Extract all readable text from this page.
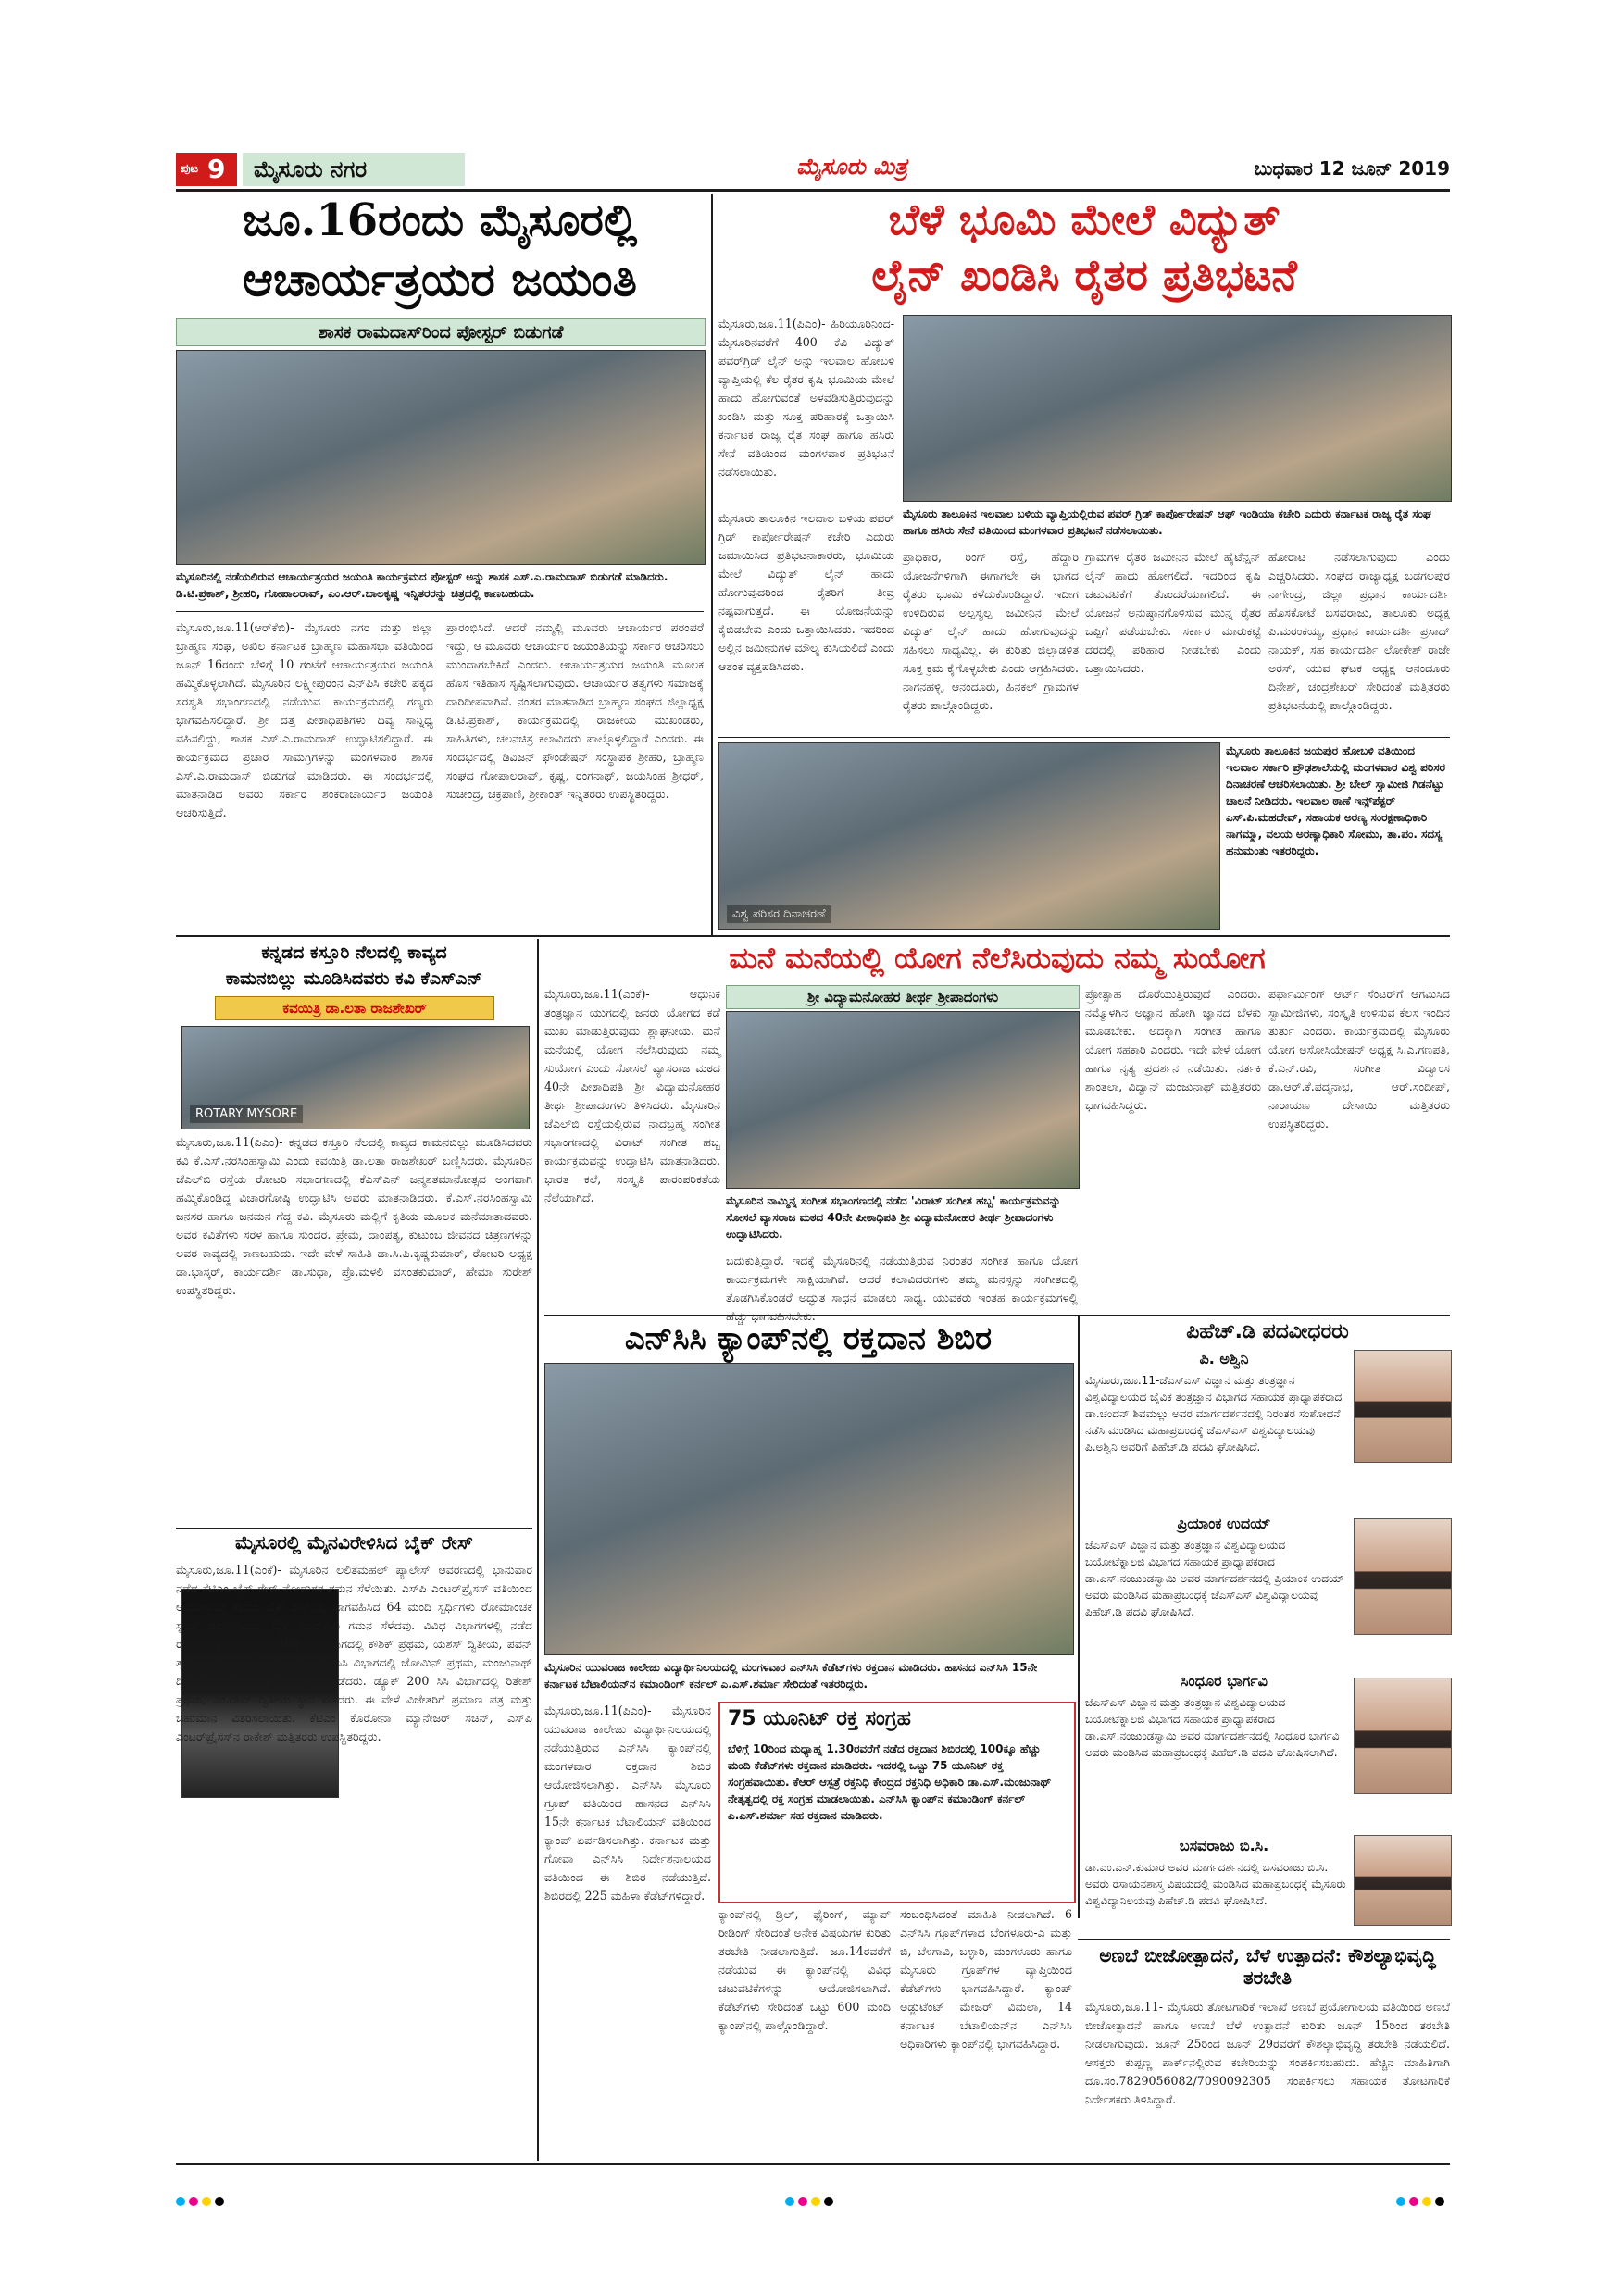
ಪುಟ 9 ಮೈಸೂರು ನಗರ	ಮೈಸೂರು ಮಿತ್ರ	ಬುಧವಾರ 12 ಜೂನ್ 2019
ಜೂ.16ರಂದು ಮೈಸೂರಲ್ಲಿ
ಆಚಾರ್ಯತ್ರಯರ ಜಯಂತಿ
ಶಾಸಕ ರಾಮದಾಸ್‌ರಿಂದ ಪೋಸ್ಟರ್ ಬಿಡುಗಡೆ
ಮೈಸೂರಿನಲ್ಲಿ ನಡೆಯಲಿರುವ ಆಚಾರ್ಯತ್ರಯರ ಜಯಂತಿ ಕಾರ್ಯಕ್ರಮದ ಪೋಸ್ಟರ್ ಅನ್ನು ಶಾಸಕ ಎಸ್.ಎ.ರಾಮದಾಸ್ ಬಿಡುಗಡೆ ಮಾಡಿದರು. ಡಿ.ಟಿ.ಪ್ರಕಾಶ್, ಶ್ರೀಹರಿ, ಗೋಪಾಲರಾವ್, ಎಂ.ಆರ್.ಬಾಲಕೃಷ್ಣ ಇನ್ನಿತರರನ್ನು ಚಿತ್ರದಲ್ಲಿ ಕಾಣಬಹುದು.
ಮೈಸೂರು,ಜೂ.11(ಆರ್‌ಕೆಬಿ)- ಮೈಸೂರು ನಗರ ಮತ್ತು ಜಿಲ್ಲಾ ಬ್ರಾಹ್ಮಣ ಸಂಘ, ಅಖಿಲ ಕರ್ನಾಟಕ ಬ್ರಾಹ್ಮಣ ಮಹಾಸಭಾ ವತಿಯಿಂದ ಜೂನ್ 16ರಂದು ಬೆಳಿಗ್ಗೆ 10 ಗಂಟೆಗೆ ಆಚಾರ್ಯತ್ರಯರ ಜಯಂತಿ ಹಮ್ಮಿಕೊಳ್ಳಲಾಗಿದೆ. ಮೈಸೂರಿನ ಲಕ್ಷ್ಮೀಪುರಂನ ಎನ್‌ಪಿಸಿ ಕಚೇರಿ ಪಕ್ಕದ ಸರಸ್ವತಿ ಸಭಾಂಗಣದಲ್ಲಿ ನಡೆಯುವ ಕಾರ್ಯಕ್ರಮದಲ್ಲಿ ಗಣ್ಯರು ಭಾಗವಹಿಸಲಿದ್ದಾರೆ. ಶ್ರೀ ದತ್ತ ಪೀಠಾಧಿಪತಿಗಳು ದಿವ್ಯ ಸಾನ್ನಿಧ್ಯ ವಹಿಸಲಿದ್ದು, ಶಾಸಕ ಎಸ್.ಎ.ರಾಮದಾಸ್ ಉದ್ಘಾಟಿಸಲಿದ್ದಾರೆ. ಈ ಕಾರ್ಯಕ್ರಮದ ಪ್ರಚಾರ ಸಾಮಗ್ರಿಗಳನ್ನು ಮಂಗಳವಾರ ಶಾಸಕ ಎಸ್.ಎ.ರಾಮದಾಸ್ ಬಿಡುಗಡೆ ಮಾಡಿದರು. ಈ ಸಂದರ್ಭದಲ್ಲಿ ಮಾತನಾಡಿದ ಅವರು ಸರ್ಕಾರ ಶಂಕರಾಚಾರ್ಯರ ಜಯಂತಿ ಆಚರಿಸುತ್ತಿದೆ.
ಪ್ರಾರಂಭಿಸಿದೆ. ಆದರೆ ನಮ್ಮಲ್ಲಿ ಮೂವರು ಆಚಾರ್ಯರ ಪರಂಪರೆ ಇದ್ದು, ಆ ಮೂವರು ಆಚಾರ್ಯರ ಜಯಂತಿಯನ್ನು ಸರ್ಕಾರ ಆಚರಿಸಲು ಮುಂದಾಗಬೇಕಿದೆ ಎಂದರು. ಆಚಾರ್ಯತ್ರಯರ ಜಯಂತಿ ಮೂಲಕ ಹೊಸ ಇತಿಹಾಸ ಸೃಷ್ಟಿಸಲಾಗುವುದು. ಆಚಾರ್ಯರ ತತ್ವಗಳು ಸಮಾಜಕ್ಕೆ ದಾರಿದೀಪವಾಗಿವೆ. ನಂತರ ಮಾತನಾಡಿದ ಬ್ರಾಹ್ಮಣ ಸಂಘದ ಜಿಲ್ಲಾಧ್ಯಕ್ಷ ಡಿ.ಟಿ.ಪ್ರಕಾಶ್, ಕಾರ್ಯಕ್ರಮದಲ್ಲಿ ರಾಜಕೀಯ ಮುಖಂಡರು, ಸಾಹಿತಿಗಳು, ಚಲನಚಿತ್ರ ಕಲಾವಿದರು ಪಾಲ್ಗೊಳ್ಳಲಿದ್ದಾರೆ ಎಂದರು. ಈ ಸಂದರ್ಭದಲ್ಲಿ ಡಿವಿಜನ್ ಫೌಂಡೇಷನ್ ಸಂಸ್ಥಾಪಕ ಶ್ರೀಹರಿ, ಬ್ರಾಹ್ಮಣ ಸಂಘದ ಗೋಪಾಲರಾವ್, ಕೃಷ್ಣ, ರಂಗನಾಥ್, ಜಯಸಿಂಹ ಶ್ರೀಧರ್, ಸುಚೀಂದ್ರ, ಚಕ್ರಪಾಣಿ, ಶ್ರೀಕಾಂತ್ ಇನ್ನಿತರರು ಉಪಸ್ಥಿತರಿದ್ದರು.
ಬೆಳೆ ಭೂಮಿ ಮೇಲೆ ವಿದ್ಯುತ್
ಲೈನ್ ಖಂಡಿಸಿ ರೈತರ ಪ್ರತಿಭಟನೆ
ಮೈಸೂರು,ಜೂ.11(ಪಿಎಂ)- ಹಿರಿಯೂರಿನಿಂದ-ಮೈಸೂರಿನವರೆಗೆ 400 ಕೆವಿ ವಿದ್ಯುತ್ ಪವರ್‌ಗ್ರಿಡ್ ಲೈನ್ ಅನ್ನು ಇಲವಾಲ ಹೋಬಳಿ ವ್ಯಾಪ್ತಿಯಲ್ಲಿ ಕೆಲ ರೈತರ ಕೃಷಿ ಭೂಮಿಯ ಮೇಲೆ ಹಾದು ಹೋಗುವಂತೆ ಅಳವಡಿಸುತ್ತಿರುವುದನ್ನು ಖಂಡಿಸಿ ಮತ್ತು ಸೂಕ್ತ ಪರಿಹಾರಕ್ಕೆ ಒತ್ತಾಯಿಸಿ ಕರ್ನಾಟಕ ರಾಜ್ಯ ರೈತ ಸಂಘ ಹಾಗೂ ಹಸಿರು ಸೇನೆ ವತಿಯಿಂದ ಮಂಗಳವಾರ ಪ್ರತಿಭಟನೆ ನಡೆಸಲಾಯಿತು.
ಮೈಸೂರು ತಾಲೂಕಿನ ಇಲವಾಲ ಬಳಿಯ ವ್ಯಾಪ್ತಿಯಲ್ಲಿರುವ ಪವರ್ ಗ್ರಿಡ್ ಕಾರ್ಪೋರೇಷನ್ ಆಫ್ ಇಂಡಿಯಾ ಕಚೇರಿ ಎದುರು ಕರ್ನಾಟಕ ರಾಜ್ಯ ರೈತ ಸಂಘ ಹಾಗೂ ಹಸಿರು ಸೇನೆ ವತಿಯಿಂದ ಮಂಗಳವಾರ ಪ್ರತಿಭಟನೆ ನಡೆಸಲಾಯಿತು.
ಮೈಸೂರು ತಾಲೂಕಿನ ಇಲವಾಲ ಬಳಿಯ ಪವರ್ ಗ್ರಿಡ್ ಕಾರ್ಪೋರೇಷನ್ ಕಚೇರಿ ಎದುರು ಜಮಾಯಿಸಿದ ಪ್ರತಿಭಟನಾಕಾರರು, ಭೂಮಿಯ ಮೇಲೆ ವಿದ್ಯುತ್ ಲೈನ್ ಹಾದು ಹೋಗುವುದರಿಂದ ರೈತರಿಗೆ ತೀವ್ರ ನಷ್ಟವಾಗುತ್ತದೆ. ಈ ಯೋಜನೆಯನ್ನು ಕೈಬಿಡಬೇಕು ಎಂದು ಒತ್ತಾಯಿಸಿದರು. ಇದರಿಂದ ಅಲ್ಲಿನ ಜಮೀನುಗಳ ಮೌಲ್ಯ ಕುಸಿಯಲಿದೆ ಎಂದು ಆತಂಕ ವ್ಯಕ್ತಪಡಿಸಿದರು.
ಪ್ರಾಧಿಕಾರ, ರಿಂಗ್ ರಸ್ತೆ, ಹೆದ್ದಾರಿ ಯೋಜನೆಗಳಿಗಾಗಿ ಈಗಾಗಲೇ ಈ ಭಾಗದ ರೈತರು ಭೂಮಿ ಕಳೆದುಕೊಂಡಿದ್ದಾರೆ. ಇದೀಗ ಉಳಿದಿರುವ ಅಲ್ಪಸ್ವಲ್ಪ ಜಮೀನಿನ ಮೇಲೆ ವಿದ್ಯುತ್ ಲೈನ್ ಹಾದು ಹೋಗುವುದನ್ನು ಸಹಿಸಲು ಸಾಧ್ಯವಿಲ್ಲ. ಈ ಕುರಿತು ಜಿಲ್ಲಾಡಳಿತ ಸೂಕ್ತ ಕ್ರಮ ಕೈಗೊಳ್ಳಬೇಕು ಎಂದು ಆಗ್ರಹಿಸಿದರು. ನಾಗನಹಳ್ಳಿ, ಆನಂದೂರು, ಹಿನಕಲ್ ಗ್ರಾಮಗಳ ರೈತರು ಪಾಲ್ಗೊಂಡಿದ್ದರು.
ಗ್ರಾಮಗಳ ರೈತರ ಜಮೀನಿನ ಮೇಲೆ ಹೈಟೆನ್ಷನ್ ಲೈನ್ ಹಾದು ಹೋಗಲಿದೆ. ಇದರಿಂದ ಕೃಷಿ ಚಟುವಟಿಕೆಗೆ ತೊಂದರೆಯಾಗಲಿದೆ. ಈ ಯೋಜನೆ ಅನುಷ್ಠಾನಗೊಳಿಸುವ ಮುನ್ನ ರೈತರ ಒಪ್ಪಿಗೆ ಪಡೆಯಬೇಕು. ಸರ್ಕಾರ ಮಾರುಕಟ್ಟೆ ದರದಲ್ಲಿ ಪರಿಹಾರ ನೀಡಬೇಕು ಎಂದು ಒತ್ತಾಯಿಸಿದರು.
ಹೋರಾಟ ನಡೆಸಲಾಗುವುದು ಎಂದು ಎಚ್ಚರಿಸಿದರು. ಸಂಘದ ರಾಜ್ಯಾಧ್ಯಕ್ಷ ಬಡಗಲಪುರ ನಾಗೇಂದ್ರ, ಜಿಲ್ಲಾ ಪ್ರಧಾನ ಕಾರ್ಯದರ್ಶಿ ಹೊಸಕೋಟೆ ಬಸವರಾಜು, ತಾಲೂಕು ಅಧ್ಯಕ್ಷ ಪಿ.ಮರಂಕಯ್ಯ, ಪ್ರಧಾನ ಕಾರ್ಯದರ್ಶಿ ಪ್ರಸಾದ್ ನಾಯಕ್, ಸಹ ಕಾರ್ಯದರ್ಶಿ ಲೋಕೇಶ್ ರಾಜೇ ಅರಸ್, ಯುವ ಘಟಕ ಅಧ್ಯಕ್ಷ ಆನಂದೂರು ದಿನೇಶ್, ಚಂದ್ರಶೇಖರ್ ಸೇರಿದಂತೆ ಮತ್ತಿತರರು ಪ್ರತಿಭಟನೆಯಲ್ಲಿ ಪಾಲ್ಗೊಂಡಿದ್ದರು.
ವಿಶ್ವ ಪರಿಸರ ದಿನಾಚರಣೆ
ಮೈಸೂರು ತಾಲೂಕಿನ ಜಯಪುರ ಹೋಬಳಿ ವತಿಯಿಂದ ಇಲವಾಲ ಸರ್ಕಾರಿ ಪ್ರೌಢಶಾಲೆಯಲ್ಲಿ ಮಂಗಳವಾರ ವಿಶ್ವ ಪರಿಸರ ದಿನಾಚರಣೆ ಆಚರಿಸಲಾಯಿತು. ಶ್ರೀ ಬೇಲ್ ಸ್ವಾಮೀಜಿ ಗಿಡನೆಟ್ಟು ಚಾಲನೆ ನೀಡಿದರು. ಇಲವಾಲ ಠಾಣೆ ಇನ್ಸ್‌ಪೆಕ್ಟರ್ ಎಸ್.ಪಿ.ಮಹದೇವ್, ಸಹಾಯಕ ಅರಣ್ಯ ಸಂರಕ್ಷಣಾಧಿಕಾರಿ ನಾಗಮ್ಮಾ, ವಲಯ ಅರಣ್ಯಾಧಿಕಾರಿ ಸೋಮು, ತಾ.ಪಂ. ಸದಸ್ಯ ಹನುಮಂತು ಇತರರಿದ್ದರು.
ಕನ್ನಡದ ಕಸ್ತೂರಿ ನೆಲದಲ್ಲಿ ಕಾವ್ಯದ
ಕಾಮನಬಿಲ್ಲು ಮೂಡಿಸಿದವರು ಕವಿ ಕೆಎಸ್‌ಎನ್
ಕವಯಿತ್ರಿ ಡಾ.ಲತಾ ರಾಜಶೇಖರ್
ROTARY MYSORE
ಮೈಸೂರು,ಜೂ.11(ಪಿಎಂ)- ಕನ್ನಡದ ಕಸ್ತೂರಿ ನೆಲದಲ್ಲಿ ಕಾವ್ಯದ ಕಾಮನಬಿಲ್ಲು ಮೂಡಿಸಿದವರು ಕವಿ ಕೆ.ಎಸ್.ನರಸಿಂಹಸ್ವಾಮಿ ಎಂದು ಕವಯಿತ್ರಿ ಡಾ.ಲತಾ ರಾಜಶೇಖರ್ ಬಣ್ಣಿಸಿದರು. ಮೈಸೂರಿನ ಜೆಎಲ್‌ಬಿ ರಸ್ತೆಯ ರೋಟರಿ ಸಭಾಂಗಣದಲ್ಲಿ ಕೆಎಸ್‌ಎನ್ ಜನ್ಮಶತಮಾನೋತ್ಸವ ಅಂಗವಾಗಿ ಹಮ್ಮಿಕೊಂಡಿದ್ದ ವಿಚಾರಗೋಷ್ಠಿ ಉದ್ಘಾಟಿಸಿ ಅವರು ಮಾತನಾಡಿದರು. ಕೆ.ಎಸ್.ನರಸಿಂಹಸ್ವಾಮಿ ಜನಸರ ಹಾಗೂ ಜನಮನ ಗೆದ್ದ ಕವಿ. ಮೈಸೂರು ಮಲ್ಲಿಗೆ ಕೃತಿಯ ಮೂಲಕ ಮನೆಮಾತಾದವರು. ಅವರ ಕವಿತೆಗಳು ಸರಳ ಹಾಗೂ ಸುಂದರ. ಪ್ರೇಮ, ದಾಂಪತ್ಯ, ಕುಟುಂಬ ಜೀವನದ ಚಿತ್ರಣಗಳನ್ನು ಅವರ ಕಾವ್ಯದಲ್ಲಿ ಕಾಣಬಹುದು. ಇದೇ ವೇಳೆ ಸಾಹಿತಿ ಡಾ.ಸಿ.ಪಿ.ಕೃಷ್ಣಕುಮಾರ್, ರೋಟರಿ ಅಧ್ಯಕ್ಷ ಡಾ.ಭಾಸ್ಕರ್, ಕಾರ್ಯದರ್ಶಿ ಡಾ.ಸುಧಾ, ಪ್ರೊ.ಮಳಲಿ ವಸಂತಕುಮಾರ್, ಹೇಮಾ ಸುರೇಶ್ ಉಪಸ್ಥಿತರಿದ್ದರು.
ಮೈಸೂರಲ್ಲಿ ಮೈನವಿರೇಳಿಸಿದ ಬೈಕ್ ರೇಸ್
ಮೈಸೂರು,ಜೂ.11(ಎಂಕೆ)- ಮೈಸೂರಿನ ಲಲಿತಮಹಲ್ ಪ್ಯಾಲೇಸ್ ಆವರಣದಲ್ಲಿ ಭಾನುವಾರ ನಡೆದ ಕೆಟಿಎಂ ಬೈಕ್ ರೇಸ್ ನೋಡುಗರ ಗಮನ ಸೆಳೆಯಿತು. ಎಸ್‌ಪಿ ಎಂಟರ್‌ಪ್ರೈಸಸ್ ವತಿಯಿಂದ ಆಯೋಜಿಸಿದ್ದ ಕೆಟಿಎಂ ಬೈಕ್ ರೇಸ್‌ನಲ್ಲಿ ಭಾಗವಹಿಸಿದ 64 ಮಂದಿ ಸ್ಪರ್ಧಿಗಳು ರೋಮಾಂಚಕ ಸ್ಟಂಟ್ ಪ್ರದರ್ಶಿಸಿದರು. ಬೈಕ್ ಸ್ಟಂಟ್‌ಗಳು ಗಮನ ಸೆಳೆದವು. ವಿವಿಧ ವಿಭಾಗಗಳಲ್ಲಿ ನಡೆದ ರೇಸ್‌ನಲ್ಲಿ ಕೆಟಿಎಂ ಡ್ಯೂಕ್ 390 ಸಿಸಿ ವಿಭಾಗದಲ್ಲಿ ಕೌಶಿಕ್ ಪ್ರಥಮ, ಯಶಸ್ ದ್ವಿತೀಯ, ಪವನ್ ತೃತೀಯ ಸ್ಥಾನ ಪಡೆದರು. ಡ್ಯೂಕ್ 250 ಸಿಸಿ ವಿಭಾಗದಲ್ಲಿ ಜೋಮಿನ್ ಪ್ರಥಮ, ಮಂಜುನಾಥ್ ದ್ವಿತೀಯ, ಎ.ವಿಶಾಲ್ ತೃತೀಯ ಸ್ಥಾನ ಪಡೆದರು. ಡ್ಯೂಕ್ 200 ಸಿಸಿ ವಿಭಾಗದಲ್ಲಿ ರಿತೇಶ್ ಪ್ರಥಮ, ಎಂ.ದೇವ್ ದ್ವಿತೀಯ ಸ್ಥಾನ ಪಡೆದರು. ಈ ವೇಳೆ ವಿಜೇತರಿಗೆ ಪ್ರಮಾಣ ಪತ್ರ ಮತ್ತು ಬಹುಮಾನ ವಿತರಿಸಲಾಯಿತು. ಕೆಟಿಎಂ ಕೊರೋನಾ ಮ್ಯಾನೇಜರ್ ಸಚಿನ್, ಎಸ್‌ಪಿ ಎಂಟರ್‌ಪ್ರೈಸಸ್‌ನ ರಾಕೇಶ್ ಮತ್ತಿತರರು ಉಪಸ್ಥಿತರಿದ್ದರು.
ಮನೆ ಮನೆಯಲ್ಲಿ ಯೋಗ ನೆಲೆಸಿರುವುದು ನಮ್ಮ ಸುಯೋಗ
ಶ್ರೀ ವಿದ್ಯಾಮನೋಹರ ತೀರ್ಥ ಶ್ರೀಪಾದಂಗಳು
ಮೈಸೂರಿನ ನಾಮ್ಮಿನ್ನ ಸಂಗೀತ ಸಭಾಂಗಣದಲ್ಲಿ ನಡೆದ 'ವಿರಾಟ್ ಸಂಗೀತ ಹಬ್ಬ' ಕಾರ್ಯಕ್ರಮವನ್ನು ಸೋಸಲೆ ವ್ಯಾಸರಾಜ ಮಠದ 40ನೇ ಪೀಠಾಧಿಪತಿ ಶ್ರೀ ವಿದ್ಯಾಮನೋಹರ ತೀರ್ಥ ಶ್ರೀಪಾದಂಗಳು ಉದ್ಘಾಟಿಸಿದರು.
ಮೈಸೂರು,ಜೂ.11(ಎಂಕೆ)- ಆಧುನಿಕ ತಂತ್ರಜ್ಞಾನ ಯುಗದಲ್ಲಿ ಜನರು ಯೋಗದ ಕಡೆ ಮುಖ ಮಾಡುತ್ತಿರುವುದು ಶ್ಲಾಘನೀಯ. ಮನೆ ಮನೆಯಲ್ಲಿ ಯೋಗ ನೆಲೆಸಿರುವುದು ನಮ್ಮ ಸುಯೋಗ ಎಂದು ಸೋಸಲೆ ವ್ಯಾಸರಾಜ ಮಠದ 40ನೇ ಪೀಠಾಧಿಪತಿ ಶ್ರೀ ವಿದ್ಯಾಮನೋಹರ ತೀರ್ಥ ಶ್ರೀಪಾದಂಗಳು ತಿಳಿಸಿದರು. ಮೈಸೂರಿನ ಜೆಎಲ್‌ಬಿ ರಸ್ತೆಯಲ್ಲಿರುವ ನಾದಬ್ರಹ್ಮ ಸಂಗೀತ ಸಭಾಂಗಣದಲ್ಲಿ ವಿರಾಟ್ ಸಂಗೀತ ಹಬ್ಬ ಕಾರ್ಯಕ್ರಮವನ್ನು ಉದ್ಘಾಟಿಸಿ ಮಾತನಾಡಿದರು. ಭಾರತ ಕಲೆ, ಸಂಸ್ಕೃತಿ ಪಾರಂಪರಿಕತೆಯ ನೆಲೆಯಾಗಿದೆ.
ಬದುಕುತ್ತಿದ್ದಾರೆ. ಇದಕ್ಕೆ ಮೈಸೂರಿನಲ್ಲಿ ನಡೆಯುತ್ತಿರುವ ನಿರಂತರ ಸಂಗೀತ ಹಾಗೂ ಯೋಗ ಕಾರ್ಯಕ್ರಮಗಳೇ ಸಾಕ್ಷಿಯಾಗಿವೆ. ಆದರೆ ಕಲಾವಿದರುಗಳು ತಮ್ಮ ಮನಸ್ಸನ್ನು ಸಂಗೀತದಲ್ಲಿ ತೊಡಗಿಸಿಕೊಂಡರೆ ಅದ್ಭುತ ಸಾಧನೆ ಮಾಡಲು ಸಾಧ್ಯ. ಯುವಕರು ಇಂತಹ ಕಾರ್ಯಕ್ರಮಗಳಲ್ಲಿ
ಪ್ರೋತ್ಸಾಹ ದೊರೆಯುತ್ತಿರುವುದೆ ಎಂದರು. ನಮ್ಮೊಳಗಿನ ಅಜ್ಞಾನ ಹೋಗಿ ಜ್ಞಾನದ ಬೆಳಕು ಮೂಡಬೇಕು. ಅದಕ್ಕಾಗಿ ಸಂಗೀತ ಹಾಗೂ ಯೋಗ ಸಹಕಾರಿ ಎಂದರು. ಇದೇ ವೇಳೆ ಯೋಗ ಹಾಗೂ ನೃತ್ಯ ಪ್ರದರ್ಶನ ನಡೆಯಿತು. ನರ್ತಕಿ ಶಾಂತಲಾ, ವಿದ್ವಾನ್ ಮಂಜುನಾಥ್ ಮತ್ತಿತರರು ಭಾಗವಹಿಸಿದ್ದರು.
ಪರ್ಫಾರ್ಮಿಂಗ್ ಆರ್ಟ್ ಸೆಂಟರ್‌ಗೆ ಆಗಮಿಸಿದ ಸ್ವಾಮೀಜಿಗಳು, ಸಂಸ್ಕೃತಿ ಉಳಿಸುವ ಕೆಲಸ ಇಂದಿನ ತುರ್ತು ಎಂದರು. ಕಾರ್ಯಕ್ರಮದಲ್ಲಿ ಮೈಸೂರು ಯೋಗ ಅಸೋಸಿಯೇಷನ್ ಅಧ್ಯಕ್ಷ ಸಿ.ಎ.ಗಣಪತಿ, ಕೆ.ಎನ್.ರವಿ, ಸಂಗೀತ ವಿದ್ವಾಂಸ ಡಾ.ಆರ್.ಕೆ.ಪದ್ಮನಾಭ, ಆರ್.ಸಂದೀಪ್, ನಾರಾಯಣ ದೇಸಾಯಿ ಮತ್ತಿತರರು ಉಪಸ್ಥಿತರಿದ್ದರು.
ಎನ್‌ಸಿಸಿ ಕ್ಯಾಂಪ್‌ನಲ್ಲಿ ರಕ್ತದಾನ ಶಿಬಿರ
ಮೈಸೂರಿನ ಯುವರಾಜ ಕಾಲೇಜು ವಿದ್ಯಾರ್ಥಿನಿಲಯದಲ್ಲಿ ಮಂಗಳವಾರ ಎನ್‌ಸಿಸಿ ಕೆಡೆಟ್‌ಗಳು ರಕ್ತದಾನ ಮಾಡಿದರು. ಹಾಸನದ ಎನ್‌ಸಿಸಿ 15ನೇ ಕರ್ನಾಟಕ ಬೆಟಾಲಿಯನ್‌ನ ಕಮಾಂಡಿಂಗ್ ಕರ್ನಲ್ ಎ.ಎಸ್.ಶರ್ಮಾ ಸೇರಿದಂತೆ ಇತರರಿದ್ದರು.
ಮೈಸೂರು,ಜೂ.11(ಪಿಎಂ)- ಮೈಸೂರಿನ ಯುವರಾಜ ಕಾಲೇಜು ವಿದ್ಯಾರ್ಥಿನಿಲಯದಲ್ಲಿ ನಡೆಯುತ್ತಿರುವ ಎನ್‌ಸಿಸಿ ಕ್ಯಾಂಪ್‌ನಲ್ಲಿ ಮಂಗಳವಾರ ರಕ್ತದಾನ ಶಿಬಿರ ಆಯೋಜಿಸಲಾಗಿತ್ತು. ಎನ್‌ಸಿಸಿ ಮೈಸೂರು ಗ್ರೂಪ್ ವತಿಯಿಂದ ಹಾಸನದ ಎನ್‌ಸಿಸಿ 15ನೇ ಕರ್ನಾಟಕ ಬೆಟಾಲಿಯನ್ ವತಿಯಿಂದ ಕ್ಯಾಂಪ್ ಏರ್ಪಡಿಸಲಾಗಿತ್ತು. ಕರ್ನಾಟಕ ಮತ್ತು ಗೋವಾ ಎನ್‌ಸಿಸಿ ನಿರ್ದೇಶನಾಲಯದ ವತಿಯಿಂದ ಈ ಶಿಬಿರ ನಡೆಯುತ್ತಿದೆ. ಶಿಬಿರದಲ್ಲಿ 225 ಮಹಿಳಾ ಕೆಡೆಟ್‌ಗಳಿದ್ದಾರೆ.
75 ಯೂನಿಟ್ ರಕ್ತ ಸಂಗ್ರಹ
ಬೆಳಿಗ್ಗೆ 10ರಿಂದ ಮಧ್ಯಾಹ್ನ 1.30ರವರೆಗೆ ನಡೆದ ರಕ್ತದಾನ ಶಿಬಿರದಲ್ಲಿ 100ಕ್ಕೂ ಹೆಚ್ಚು ಮಂದಿ ಕೆಡೆಟ್‌ಗಳು ರಕ್ತದಾನ ಮಾಡಿದರು. ಇದರಲ್ಲಿ ಒಟ್ಟು 75 ಯೂನಿಟ್ ರಕ್ತ ಸಂಗ್ರಹವಾಯಿತು. ಕೆಆರ್ ಆಸ್ಪತ್ರೆ ರಕ್ತನಿಧಿ ಕೇಂದ್ರದ ರಕ್ತನಿಧಿ ಅಧಿಕಾರಿ ಡಾ.ಎಸ್.ಮಂಜುನಾಥ್ ನೇತೃತ್ವದಲ್ಲಿ ರಕ್ತ ಸಂಗ್ರಹ ಮಾಡಲಾಯಿತು. ಎನ್‌ಸಿಸಿ ಕ್ಯಾಂಪ್‌ನ ಕಮಾಂಡಿಂಗ್ ಕರ್ನಲ್ ಎ.ಎಸ್.ಶರ್ಮಾ ಸಹ ರಕ್ತದಾನ ಮಾಡಿದರು.
ಕ್ಯಾಂಪ್‌ನಲ್ಲಿ ಡ್ರಿಲ್, ಫೈರಿಂಗ್, ಮ್ಯಾಪ್ ರೀಡಿಂಗ್ ಸೇರಿದಂತೆ ಅನೇಕ ವಿಷಯಗಳ ಕುರಿತು ತರಬೇತಿ ನೀಡಲಾಗುತ್ತಿದೆ. ಜೂ.14ರವರೆಗೆ ನಡೆಯುವ ಈ ಕ್ಯಾಂಪ್‌ನಲ್ಲಿ ವಿವಿಧ ಚಟುವಟಿಕೆಗಳನ್ನು ಆಯೋಜಿಸಲಾಗಿದೆ. ಕೆಡೆಟ್‌ಗಳು ಸೇರಿದಂತೆ ಒಟ್ಟು 600 ಮಂದಿ ಕ್ಯಾಂಪ್‌ನಲ್ಲಿ ಪಾಲ್ಗೊಂಡಿದ್ದಾರೆ.
ಸಂಬಂಧಿಸಿದಂತೆ ಮಾಹಿತಿ ನೀಡಲಾಗಿದೆ. 6 ಎನ್‌ಸಿಸಿ ಗ್ರೂಪ್‌ಗಳಾದ ಬೆಂಗಳೂರು-ಎ ಮತ್ತು ಬಿ, ಬೆಳಗಾವಿ, ಬಳ್ಳಾರಿ, ಮಂಗಳೂರು ಹಾಗೂ ಮೈಸೂರು ಗ್ರೂಪ್‌ಗಳ ವ್ಯಾಪ್ತಿಯಿಂದ ಕೆಡೆಟ್‌ಗಳು ಭಾಗವಹಿಸಿದ್ದಾರೆ. ಕ್ಯಾಂಪ್ ಅಡ್ಜುಟೆಂಟ್ ಮೇಜರ್ ವಿಮಲಾ, 14 ಕರ್ನಾಟಕ ಬೆಟಾಲಿಯನ್‌ನ ಎನ್‌ಸಿಸಿ ಅಧಿಕಾರಿಗಳು ಕ್ಯಾಂಪ್‌ನಲ್ಲಿ ಭಾಗವಹಿಸಿದ್ದಾರೆ.
ಪಿಹೆಚ್.ಡಿ ಪದವೀಧರರು
ಪಿ. ಅಶ್ವಿನಿ
ಮೈಸೂರು,ಜೂ.11-ಜೆಎಸ್‌ಎಸ್ ವಿಜ್ಞಾನ ಮತ್ತು ತಂತ್ರಜ್ಞಾನ ವಿಶ್ವವಿದ್ಯಾಲಯದ ಜೈವಿಕ ತಂತ್ರಜ್ಞಾನ ವಿಭಾಗದ ಸಹಾಯಕ ಪ್ರಾಧ್ಯಾಪಕರಾದ ಡಾ.ಚಂದನ್ ಶಿವಮಲ್ಲು ಅವರ ಮಾರ್ಗದರ್ಶನದಲ್ಲಿ ನಿರಂತರ ಸಂಶೋಧನೆ ನಡೆಸಿ ಮಂಡಿಸಿದ ಮಹಾಪ್ರಬಂಧಕ್ಕೆ ಜೆಎಸ್‌ಎಸ್ ವಿಶ್ವವಿದ್ಯಾಲಯವು ಪಿ.ಅಶ್ವಿನಿ ಅವರಿಗೆ ಪಿಹೆಚ್.ಡಿ ಪದವಿ ಘೋಷಿಸಿದೆ.
ಪ್ರಿಯಾಂಕ ಉದಯ್
ಜೆಎಸ್‌ಎಸ್ ವಿಜ್ಞಾನ ಮತ್ತು ತಂತ್ರಜ್ಞಾನ ವಿಶ್ವವಿದ್ಯಾಲಯದ ಬಯೋಟೆಕ್ನಾಲಜಿ ವಿಭಾಗದ ಸಹಾಯಕ ಪ್ರಾಧ್ಯಾಪಕರಾದ ಡಾ.ಎಸ್.ನಂಜುಂಡಸ್ವಾಮಿ ಅವರ ಮಾರ್ಗದರ್ಶನದಲ್ಲಿ ಪ್ರಿಯಾಂಕ ಉದಯ್ ಅವರು ಮಂಡಿಸಿದ ಮಹಾಪ್ರಬಂಧಕ್ಕೆ ಜೆಎಸ್‌ಎಸ್ ವಿಶ್ವವಿದ್ಯಾಲಯವು ಪಿಹೆಚ್.ಡಿ ಪದವಿ ಘೋಷಿಸಿದೆ.
ಸಿಂಧೂರ ಭಾರ್ಗವಿ
ಜೆಎಸ್‌ಎಸ್ ವಿಜ್ಞಾನ ಮತ್ತು ತಂತ್ರಜ್ಞಾನ ವಿಶ್ವವಿದ್ಯಾಲಯದ ಬಯೋಟೆಕ್ನಾಲಜಿ ವಿಭಾಗದ ಸಹಾಯಕ ಪ್ರಾಧ್ಯಾಪಕರಾದ ಡಾ.ಎಸ್.ನಂಜುಂಡಸ್ವಾಮಿ ಅವರ ಮಾರ್ಗದರ್ಶನದಲ್ಲಿ ಸಿಂಧೂರ ಭಾರ್ಗವಿ ಅವರು ಮಂಡಿಸಿದ ಮಹಾಪ್ರಬಂಧಕ್ಕೆ ಪಿಹೆಚ್.ಡಿ ಪದವಿ ಘೋಷಿಸಲಾಗಿದೆ.
ಬಸವರಾಜು ಬಿ.ಸಿ.
ಡಾ.ಎಂ.ಎನ್.ಕುಮಾರ ಅವರ ಮಾರ್ಗದರ್ಶನದಲ್ಲಿ ಬಸವರಾಜು ಬಿ.ಸಿ. ಅವರು ರಸಾಯನಶಾಸ್ತ್ರ ವಿಷಯದಲ್ಲಿ ಮಂಡಿಸಿದ ಮಹಾಪ್ರಬಂಧಕ್ಕೆ ಮೈಸೂರು ವಿಶ್ವವಿದ್ಯಾನಿಲಯವು ಪಿಹೆಚ್.ಡಿ ಪದವಿ ಘೋಷಿಸಿದೆ.
ಅಣಬೆ ಬೀಜೋತ್ಪಾದನೆ, ಬೆಳೆ ಉತ್ಪಾದನೆ: ಕೌಶಲ್ಯಾಭಿವೃದ್ಧಿ ತರಬೇತಿ
ಮೈಸೂರು,ಜೂ.11- ಮೈಸೂರು ತೋಟಗಾರಿಕೆ ಇಲಾಖೆ ಅಣಬೆ ಪ್ರಯೋಗಾಲಯ ವತಿಯಿಂದ ಅಣಬೆ ಬೀಜೋತ್ಪಾದನೆ ಹಾಗೂ ಅಣಬೆ ಬೆಳೆ ಉತ್ಪಾದನೆ ಕುರಿತು ಜೂನ್ 15ರಿಂದ ತರಬೇತಿ ನೀಡಲಾಗುವುದು. ಜೂನ್ 25ರಿಂದ ಜೂನ್ 29ರವರೆಗೆ ಕೌಶಲ್ಯಾಭಿವೃದ್ಧಿ ತರಬೇತಿ ನಡೆಯಲಿದೆ. ಆಸಕ್ತರು ಕುಪ್ಪಣ್ಣ ಪಾರ್ಕ್‌ನಲ್ಲಿರುವ ಕಚೇರಿಯನ್ನು ಸಂಪರ್ಕಿಸಬಹುದು. ಹೆಚ್ಚಿನ ಮಾಹಿತಿಗಾಗಿ ದೂ.ಸಂ.7829056082/7090092305 ಸಂಪರ್ಕಿಸಲು ಸಹಾಯಕ ತೋಟಗಾರಿಕೆ ನಿರ್ದೇಶಕರು ತಿಳಿಸಿದ್ದಾರೆ.
